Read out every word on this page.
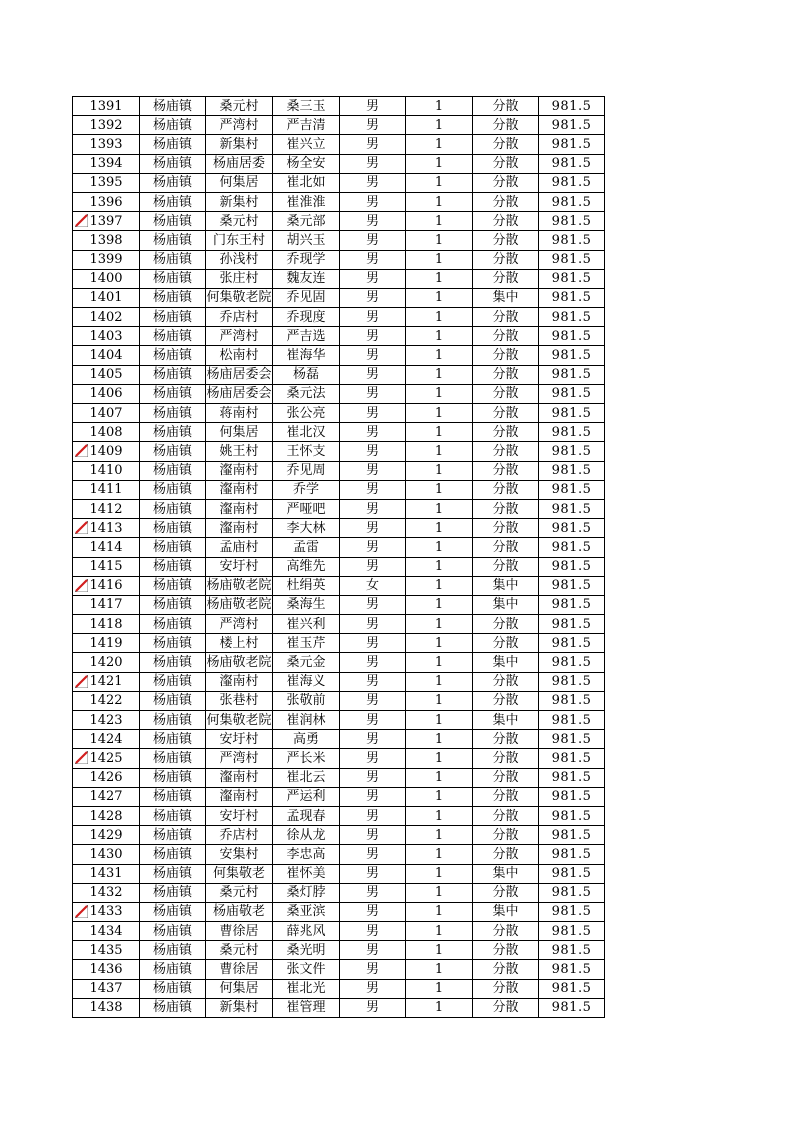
1391	杨庙镇	桑元村	桑三玉	男	1	分散	981.5
1392	杨庙镇	严湾村	严吉清	男	1	分散	981.5
1393	杨庙镇	新集村	崔兴立	男	1	分散	981.5
1394	杨庙镇	杨庙居委	杨全安	男	1	分散	981.5
1395	杨庙镇	何集居	崔北如	男	1	分散	981.5
1396	杨庙镇	新集村	崔淮淮	男	1	分散	981.5

1397	杨庙镇	桑元村	桑元部	男	1	分散	981.5
1398	杨庙镇	门东王村	胡兴玉	男	1	分散	981.5
1399	杨庙镇	孙浅村	乔现学	男	1	分散	981.5
1400	杨庙镇	张庄村	魏友连	男	1	分散	981.5
1401	杨庙镇	何集敬老院	乔见固	男	1	集中	981.5
1402	杨庙镇	乔店村	乔现度	男	1	分散	981.5
1403	杨庙镇	严湾村	严吉选	男	1	分散	981.5
1404	杨庙镇	松南村	崔海华	男	1	分散	981.5
1405	杨庙镇	杨庙居委会	杨磊	男	1	分散	981.5
1406	杨庙镇	杨庙居委会	桑元法	男	1	分散	981.5
1407	杨庙镇	蒋南村	张公亮	男	1	分散	981.5
1408	杨庙镇	何集居	崔北汉	男	1	分散	981.5

1409	杨庙镇	姚王村	王怀支	男	1	分散	981.5
1410	杨庙镇	瀣南村	乔见周	男	1	分散	981.5
1411	杨庙镇	瀣南村	乔学	男	1	分散	981.5
1412	杨庙镇	瀣南村	严哑吧	男	1	分散	981.5

1413	杨庙镇	瀣南村	李大林	男	1	分散	981.5
1414	杨庙镇	孟庙村	孟雷	男	1	分散	981.5
1415	杨庙镇	安圩村	高维先	男	1	分散	981.5

1416	杨庙镇	杨庙敬老院	杜绢英	女	1	集中	981.5
1417	杨庙镇	杨庙敬老院	桑海生	男	1	集中	981.5
1418	杨庙镇	严湾村	崔兴利	男	1	分散	981.5
1419	杨庙镇	楼上村	崔玉芹	男	1	分散	981.5
1420	杨庙镇	杨庙敬老院	桑元金	男	1	集中	981.5

1421	杨庙镇	瀣南村	崔海义	男	1	分散	981.5
1422	杨庙镇	张巷村	张敬前	男	1	分散	981.5
1423	杨庙镇	何集敬老院	崔润林	男	1	集中	981.5
1424	杨庙镇	安圩村	高勇	男	1	分散	981.5

1425	杨庙镇	严湾村	严长米	男	1	分散	981.5
1426	杨庙镇	瀣南村	崔北云	男	1	分散	981.5
1427	杨庙镇	瀣南村	严运利	男	1	分散	981.5
1428	杨庙镇	安圩村	孟现春	男	1	分散	981.5
1429	杨庙镇	乔店村	徐从龙	男	1	分散	981.5
1430	杨庙镇	安集村	李忠高	男	1	分散	981.5
1431	杨庙镇	何集敬老	崔怀美	男	1	集中	981.5
1432	杨庙镇	桑元村	桑灯脖	男	1	分散	981.5

1433	杨庙镇	杨庙敬老	桑亚滨	男	1	集中	981.5
1434	杨庙镇	曹徐居	薛兆风	男	1	分散	981.5
1435	杨庙镇	桑元村	桑光明	男	1	分散	981.5
1436	杨庙镇	曹徐居	张文件	男	1	分散	981.5
1437	杨庙镇	何集居	崔北光	男	1	分散	981.5
1438	杨庙镇	新集村	崔管理	男	1	分散	981.5
